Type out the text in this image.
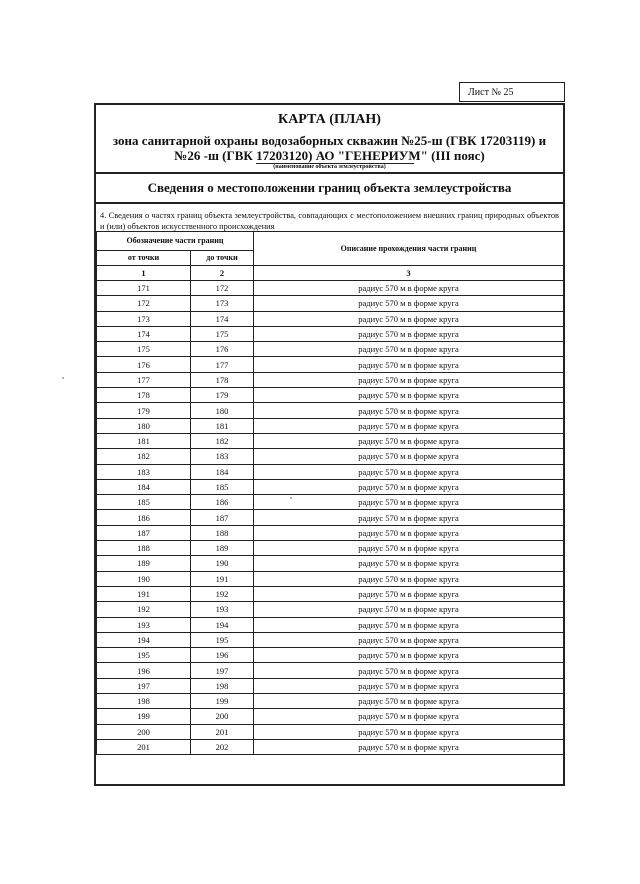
Лист № 25
КАРТА (ПЛАН)
зона санитарной охраны водозаборных скважин №25-ш (ГВК 17203119) и №26 -ш (ГВК 17203120) АО "ГЕНЕРИУМ" (III пояс)
(наименование объекта землеустройства)
Сведения о местоположении границ объекта землеустройства
4. Сведения о частях границ объекта землеустройства, совпадающих с местоположением внешних границ природных объектов и (или) объектов искусственного происхождения
Обозначение части границ		Описание прохождения части границ
от точки	до точки	
1	2	3
171	172	радиус 570 м в форме круга
172	173	радиус 570 м в форме круга
173	174	радиус 570 м в форме круга
174	175	радиус 570 м в форме круга
175	176	радиус 570 м в форме круга
176	177	радиус 570 м в форме круга
177	178	радиус 570 м в форме круга
178	179	радиус 570 м в форме круга
179	180	радиус 570 м в форме круга
180	181	радиус 570 м в форме круга
181	182	радиус 570 м в форме круга
182	183	радиус 570 м в форме круга
183	184	радиус 570 м в форме круга
184	185	радиус 570 м в форме круга
185	186	радиус 570 м в форме круга
186	187	радиус 570 м в форме круга
187	188	радиус 570 м в форме круга
188	189	радиус 570 м в форме круга
189	190	радиус 570 м в форме круга
190	191	радиус 570 м в форме круга
191	192	радиус 570 м в форме круга
192	193	радиус 570 м в форме круга
193	194	радиус 570 м в форме круга
194	195	радиус 570 м в форме круга
195	196	радиус 570 м в форме круга
196	197	радиус 570 м в форме круга
197	198	радиус 570 м в форме круга
198	199	радиус 570 м в форме круга
199	200	радиус 570 м в форме круга
200	201	радиус 570 м в форме круга
201	202	радиус 570 м в форме круга
